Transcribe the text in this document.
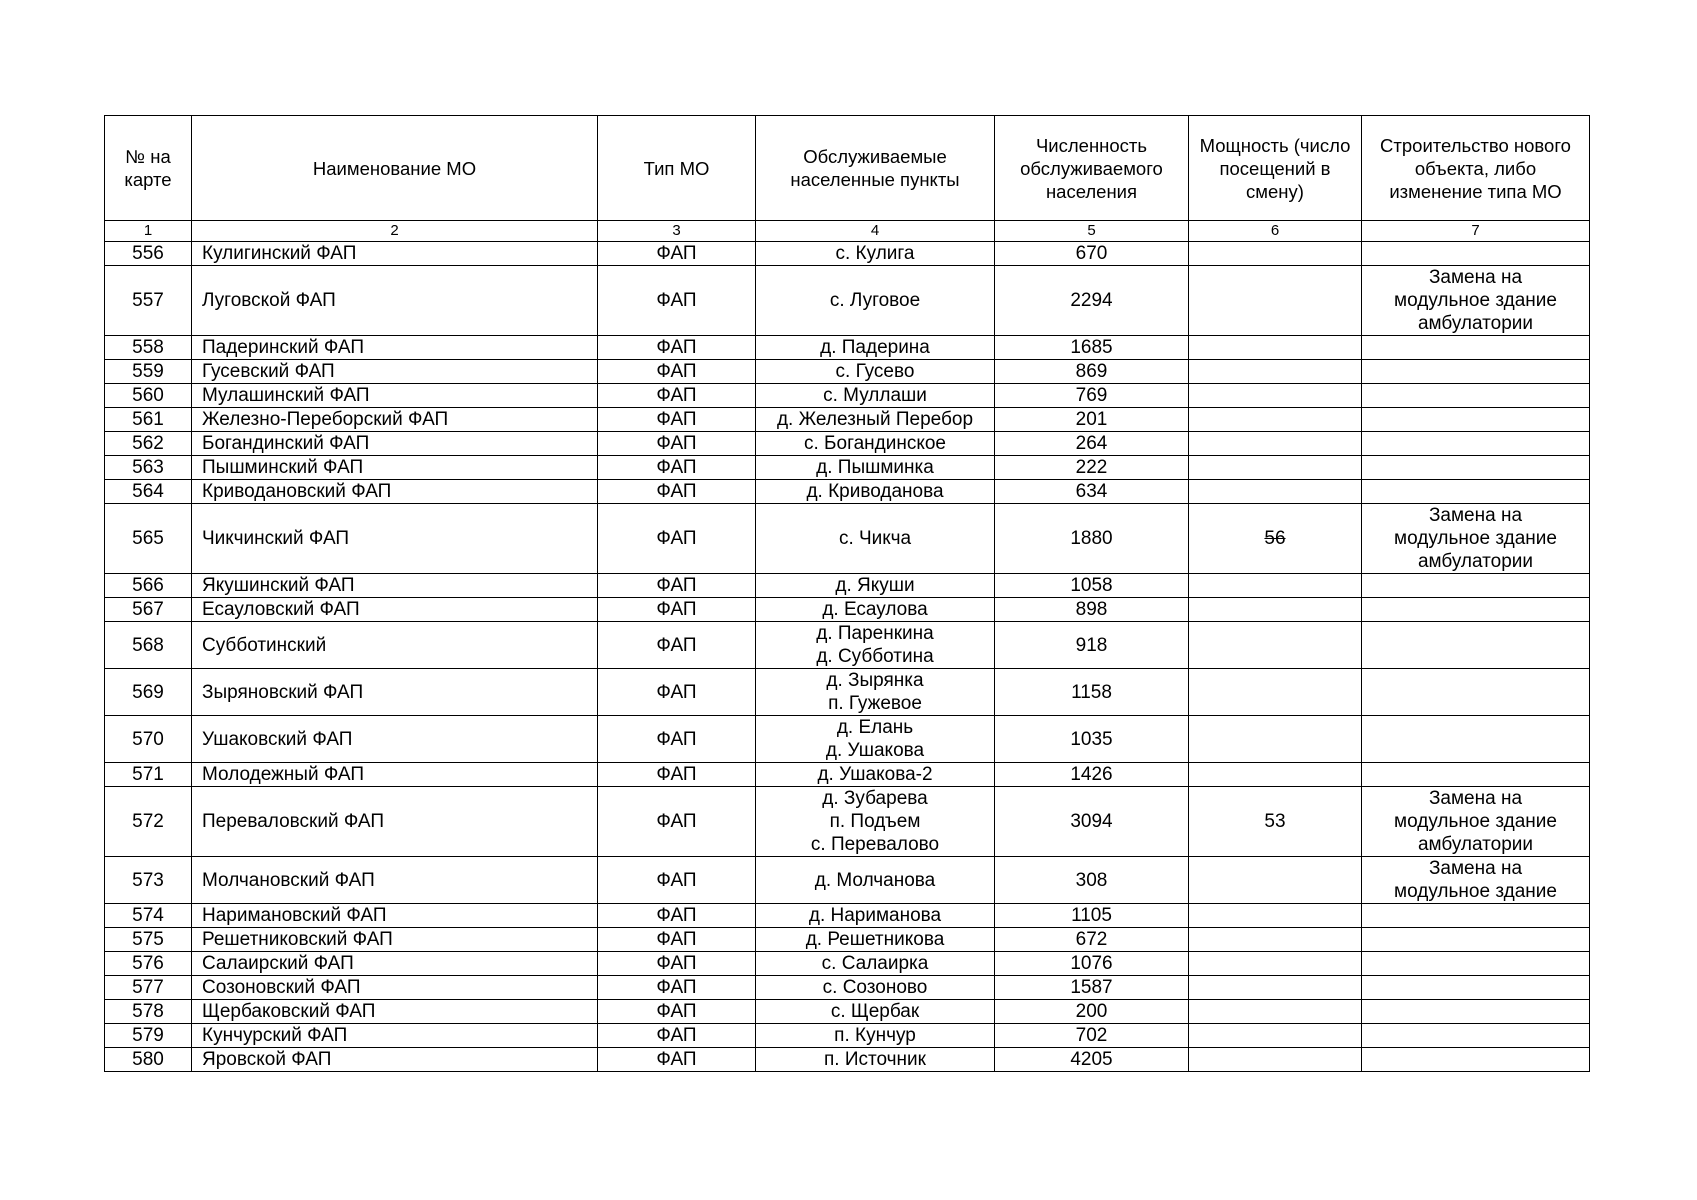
№ на карте	Наименование МО	Тип МО	Обслуживаемые населенные пункты	Численность обслуживаемого населения	Мощность (число посещений в смену)	Строительство нового объекта, либо изменение типа МО
1	2	3	4	5	6	7
556	Кулигинский ФАП	ФАП	с. Кулига	670		
557	Луговской ФАП	ФАП	с. Луговое	2294		Замена на
модульное здание
амбулатории

558	Падеринский ФАП	ФАП	д. Падерина	1685		
559	Гусевский ФАП	ФАП	с. Гусево	869		
560	Мулашинский ФАП	ФАП	с. Муллаши	769		
561	Железно-Переборский ФАП	ФАП	д. Железный Перебор	201		
562	Богандинский ФАП	ФАП	с. Богандинское	264		
563	Пышминский ФАП	ФАП	д. Пышминка	222		
564	Криводановский ФАП	ФАП	д. Криводанова	634		
565	Чикчинский ФАП	ФАП	с. Чикча	1880	56	Замена на
модульное здание
амбулатории

566	Якушинский ФАП	ФАП	д. Якуши	1058		
567	Есауловский ФАП	ФАП	д. Есаулова	898		
568	Субботинский	ФАП	д. Паренкина
д. Субботина	918		
569	Зыряновский ФАП	ФАП	д. Зырянка
п. Гужевое	1158		
570	Ушаковский ФАП	ФАП	д. Елань
д. Ушакова	1035		
571	Молодежный ФАП	ФАП	д. Ушакова-2	1426		
572	Переваловский ФАП	ФАП	д. Зубарева
п. Подъем
с. Перевалово	3094	53	Замена на
модульное здание
амбулатории

573	Молчановский ФАП	ФАП	д. Молчанова	308		Замена на
модульное здание

574	Наримановский ФАП	ФАП	д. Нариманова	1105		
575	Решетниковский ФАП	ФАП	д. Решетникова	672		
576	Салаирский ФАП	ФАП	с. Салаирка	1076		
577	Созоновский ФАП	ФАП	с. Созоново	1587		
578	Щербаковский ФАП	ФАП	с. Щербак	200		
579	Кунчурский ФАП	ФАП	п. Кунчур	702		
580	Яровской ФАП	ФАП	п. Источник	4205		
